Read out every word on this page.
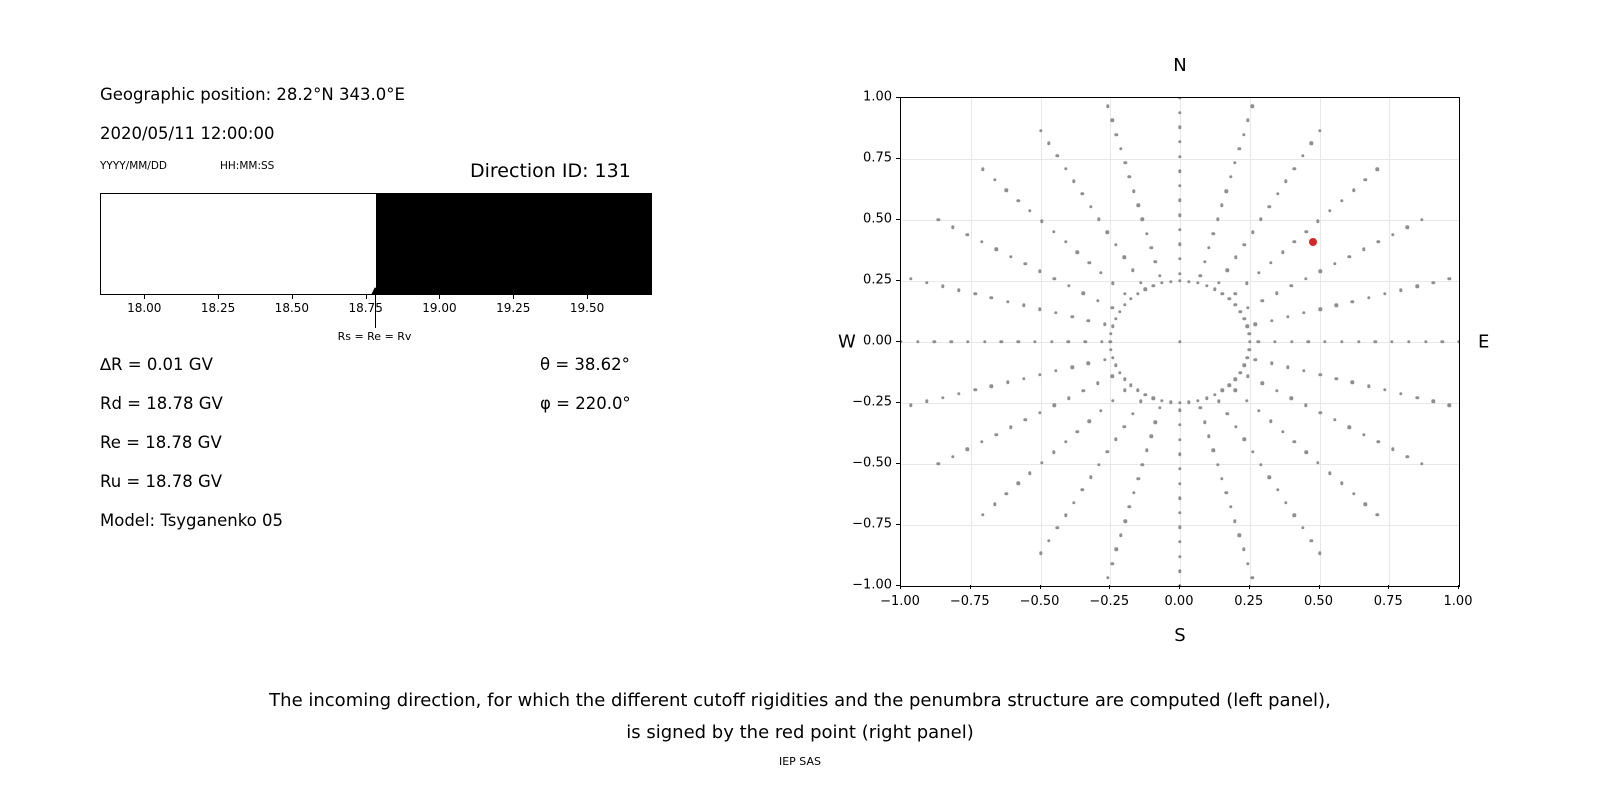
Geographic position: 28.2°N 343.0°E
2020/05/11 12:00:00
YYYY/MM/DD	HH:MM:SS	Direction ID: 131
Rs = Re = Rv
∆R = 0.01 GV
Rd = 18.78 GV
Re = 18.78 GV
Ru = 18.78 GV
Model: Tsyganenko 05
θ = 38.62°
φ = 220.0°
18.00	18.25	18.50	18.75	19.00	19.25	19.50
N
S
W	E
−1.00
−1.00
−0.75
−0.75
−0.50
−0.50
−0.25
−0.25
0.00
0.00
0.25
0.25
0.50
0.50
0.75
0.75
1.00
1.00
The incoming direction, for which the different cutoff rigidities and the penumbra structure are computed (left panel),
is signed by the red point (right panel)
IEP SAS
